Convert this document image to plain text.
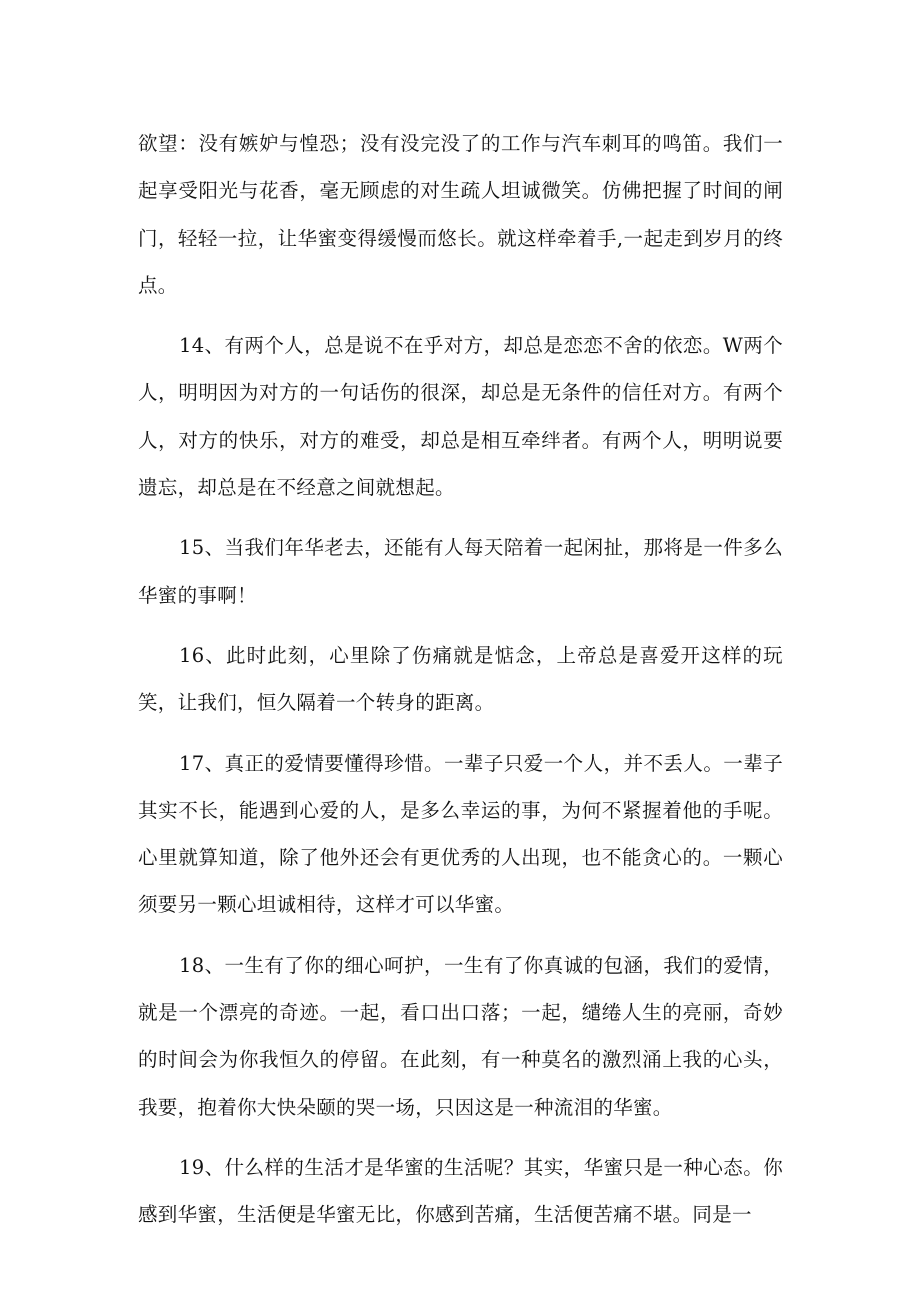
欲望：没有嫉妒与惶恐；没有没完没了的工作与汽车刺耳的鸣笛。我们一起享受阳光与花香，毫无顾虑的对生疏人坦诚微笑。仿佛把握了时间的闸门，轻轻一拉，让华蜜变得缓慢而悠长。就这样牵着手,一起走到岁月的终点。

14、有两个人，总是说不在乎对方，却总是恋恋不舍的依恋。W两个人，明明因为对方的一句话伤的很深，却总是无条件的信任对方。有两个人，对方的快乐，对方的难受，却总是相互牵绊者。有两个人，明明说要遗忘，却总是在不经意之间就想起。

15、当我们年华老去，还能有人每天陪着一起闲扯，那将是一件多么华蜜的事啊！

16、此时此刻，心里除了伤痛就是惦念，上帝总是喜爱开这样的玩笑，让我们，恒久隔着一个转身的距离。

17、真正的爱情要懂得珍惜。一辈子只爱一个人，并不丢人。一辈子其实不长，能遇到心爱的人，是多么幸运的事，为何不紧握着他的手呢。心里就算知道，除了他外还会有更优秀的人出现，也不能贪心的。一颗心须要另一颗心坦诚相待，这样才可以华蜜。

18、一生有了你的细心呵护，一生有了你真诚的包涵，我们的爱情，就是一个漂亮的奇迹。一起，看口出口落；一起，缱绻人生的亮丽，奇妙的时间会为你我恒久的停留。在此刻，有一种莫名的激烈涌上我的心头，我要，抱着你大快朵颐的哭一场，只因这是一种流泪的华蜜。

19、什么样的生活才是华蜜的生活呢？其实，华蜜只是一种心态。你感到华蜜，生活便是华蜜无比，你感到苦痛，生活便苦痛不堪。同是一
